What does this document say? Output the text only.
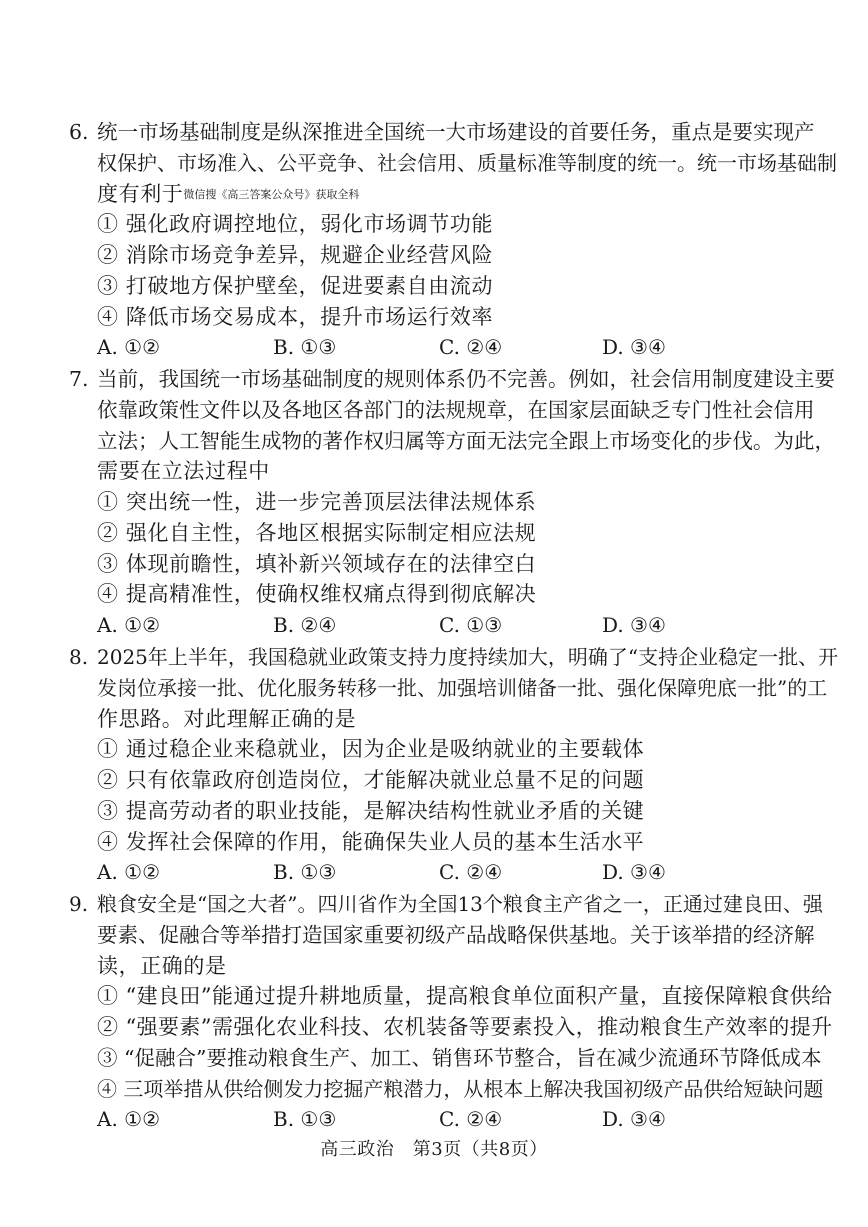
6. 统一市场基础制度是纵深推进全国统一大市场建设的首要任务，重点是要实现产
权保护、市场准入、公平竞争、社会信用、质量标准等制度的统一。统一市场基础制
度有利于微信搜《高三答案公众号》获取全科
① 强化政府调控地位，弱化市场调节功能
② 消除市场竞争差异，规避企业经营风险
③ 打破地方保护壁垒，促进要素自由流动
④ 降低市场交易成本，提升市场运行效率
A. ①②	B. ①③	C. ②④	D. ③④
7. 当前，我国统一市场基础制度的规则体系仍不完善。例如，社会信用制度建设主要
依靠政策性文件以及各地区各部门的法规规章，在国家层面缺乏专门性社会信用
立法；人工智能生成物的著作权归属等方面无法完全跟上市场变化的步伐。为此，
需要在立法过程中
① 突出统一性，进一步完善顶层法律法规体系
② 强化自主性，各地区根据实际制定相应法规
③ 体现前瞻性，填补新兴领域存在的法律空白
④ 提高精准性，使确权维权痛点得到彻底解决
A. ①②	B. ②④	C. ①③	D. ③④
8. 2025年上半年，我国稳就业政策支持力度持续加大，明确了“支持企业稳定一批、开
发岗位承接一批、优化服务转移一批、加强培训储备一批、强化保障兜底一批”的工
作思路。对此理解正确的是
① 通过稳企业来稳就业，因为企业是吸纳就业的主要载体
② 只有依靠政府创造岗位，才能解决就业总量不足的问题
③ 提高劳动者的职业技能，是解决结构性就业矛盾的关键
④ 发挥社会保障的作用，能确保失业人员的基本生活水平
A. ①②	B. ①③	C. ②④	D. ③④
9. 粮食安全是“国之大者”。四川省作为全国13个粮食主产省之一，正通过建良田、强
要素、促融合等举措打造国家重要初级产品战略保供基地。关于该举措的经济解
读，正确的是
① “建良田”能通过提升耕地质量，提高粮食单位面积产量，直接保障粮食供给
② “强要素”需强化农业科技、农机装备等要素投入，推动粮食生产效率的提升
③ “促融合”要推动粮食生产、加工、销售环节整合，旨在减少流通环节降低成本
④ 三项举措从供给侧发力挖掘产粮潜力，从根本上解决我国初级产品供给短缺问题
A. ①②	B. ①③	C. ②④	D. ③④
高三政治　第3页（共8页）
